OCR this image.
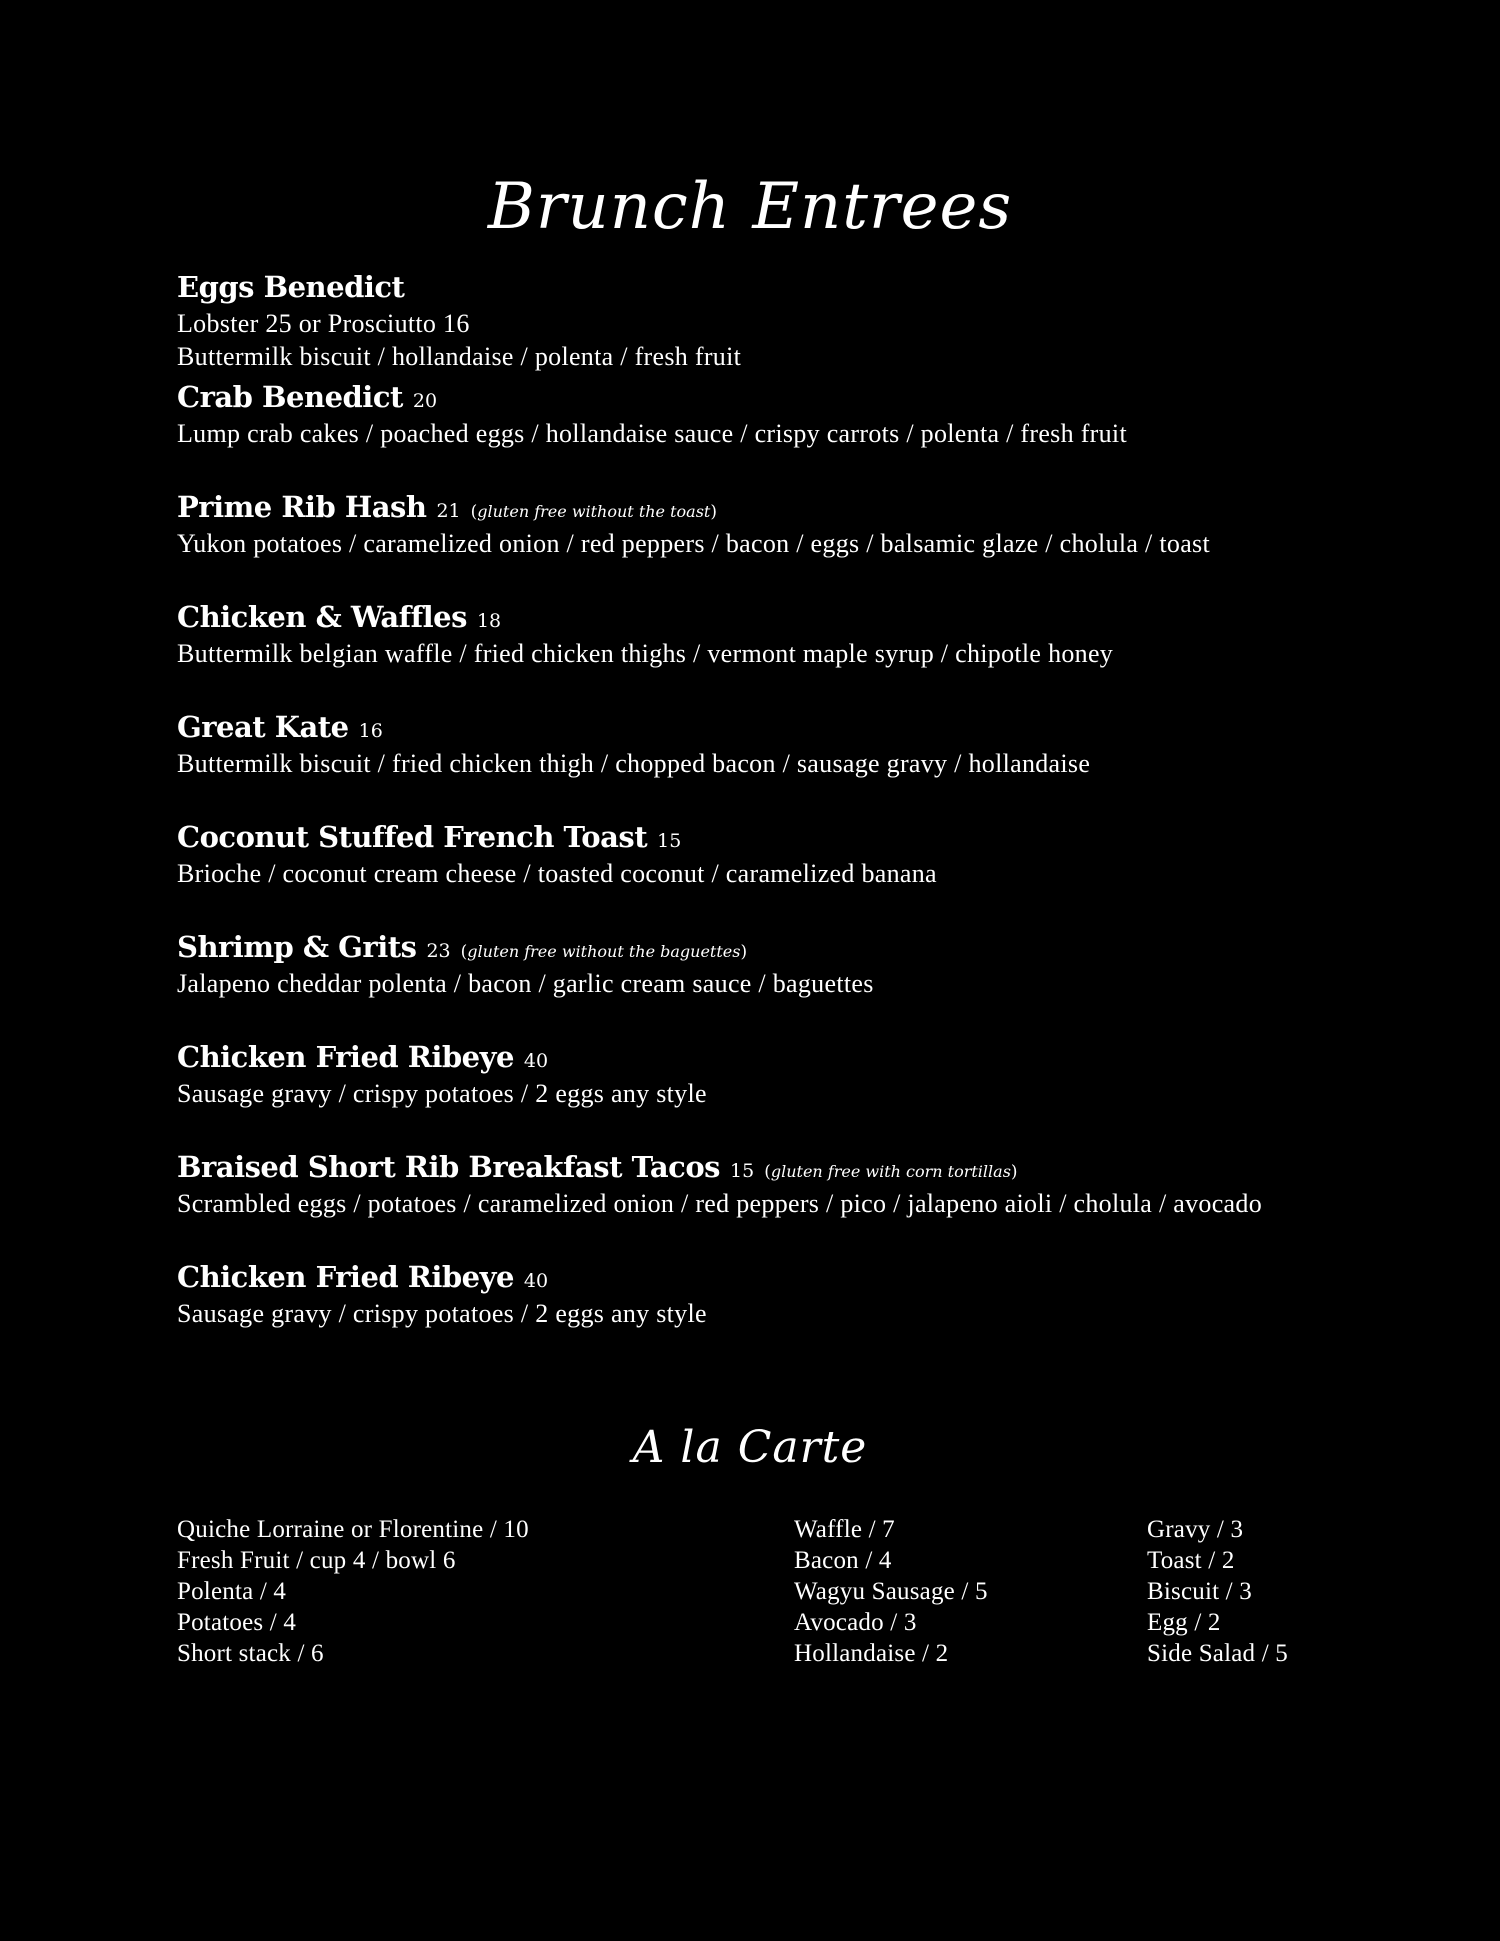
Brunch Entrees
Eggs Benedict
Lobster 25 or Prosciutto 16
Buttermilk biscuit / hollandaise / polenta / fresh fruit
Crab Benedict 20
Lump crab cakes / poached eggs / hollandaise sauce / crispy carrots / polenta / fresh fruit
Prime Rib Hash 21 (gluten free without the toast)
Yukon potatoes / caramelized onion / red peppers / bacon / eggs / balsamic glaze / cholula / toast
Chicken & Waffles 18
Buttermilk belgian waffle / fried chicken thighs / vermont maple syrup / chipotle honey
Great Kate 16
Buttermilk biscuit / fried chicken thigh / chopped bacon / sausage gravy / hollandaise
Coconut Stuffed French Toast 15
Brioche / coconut cream cheese / toasted coconut / caramelized banana
Shrimp & Grits 23 (gluten free without the baguettes)
Jalapeno cheddar polenta / bacon / garlic cream sauce / baguettes
Chicken Fried Ribeye 40
Sausage gravy / crispy potatoes / 2 eggs any style
Braised Short Rib Breakfast Tacos 15 (gluten free with corn tortillas)
Scrambled eggs / potatoes / caramelized onion / red peppers / pico / jalapeno aioli / cholula / avocado
Chicken Fried Ribeye 40
Sausage gravy / crispy potatoes / 2 eggs any style
A la Carte
Quiche Lorraine or Florentine / 10
Fresh Fruit / cup 4 / bowl 6
Polenta / 4
Potatoes / 4
Short stack / 6
Waffle / 7
Bacon / 4
Wagyu Sausage / 5
Avocado / 3
Hollandaise / 2
Gravy / 3
Toast / 2
Biscuit / 3
Egg / 2
Side Salad / 5
